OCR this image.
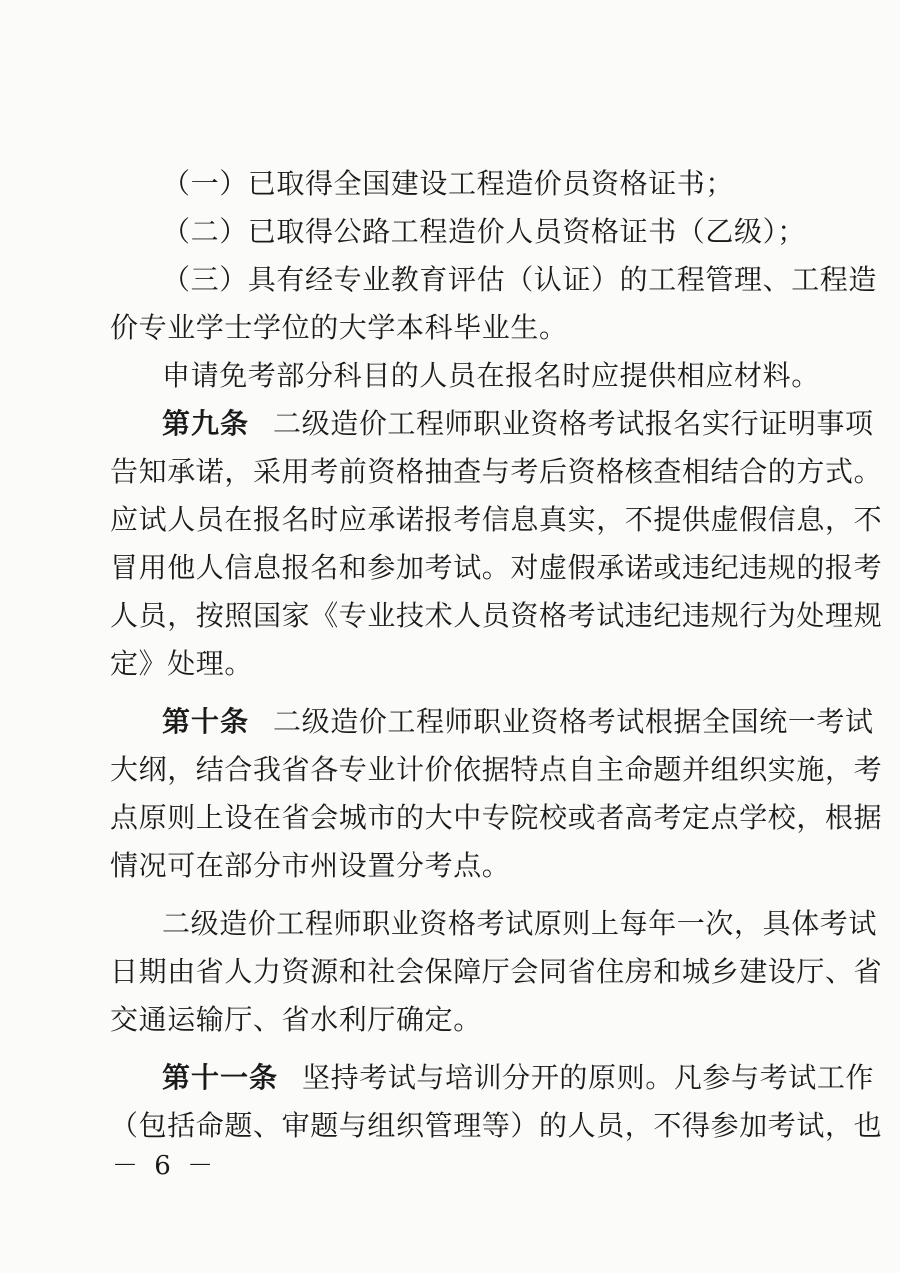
（一）已取得全国建设工程造价员资格证书；
（二）已取得公路工程造价人员资格证书（乙级）；
（三）具有经专业教育评估（认证）的工程管理、工程造
价专业学士学位的大学本科毕业生。
申请免考部分科目的人员在报名时应提供相应材料。
第九条 二级造价工程师职业资格考试报名实行证明事项
告知承诺，采用考前资格抽查与考后资格核查相结合的方式。
应试人员在报名时应承诺报考信息真实，不提供虚假信息，不
冒用他人信息报名和参加考试。对虚假承诺或违纪违规的报考
人员，按照国家《专业技术人员资格考试违纪违规行为处理规
定》处理。
第十条 二级造价工程师职业资格考试根据全国统一考试
大纲，结合我省各专业计价依据特点自主命题并组织实施，考
点原则上设在省会城市的大中专院校或者高考定点学校，根据
情况可在部分市州设置分考点。
二级造价工程师职业资格考试原则上每年一次，具体考试
日期由省人力资源和社会保障厅会同省住房和城乡建设厅、省
交通运输厅、省水利厅确定。
第十一条 坚持考试与培训分开的原则。凡参与考试工作
（包括命题、审题与组织管理等）的人员，不得参加考试，也
－ 6 －
